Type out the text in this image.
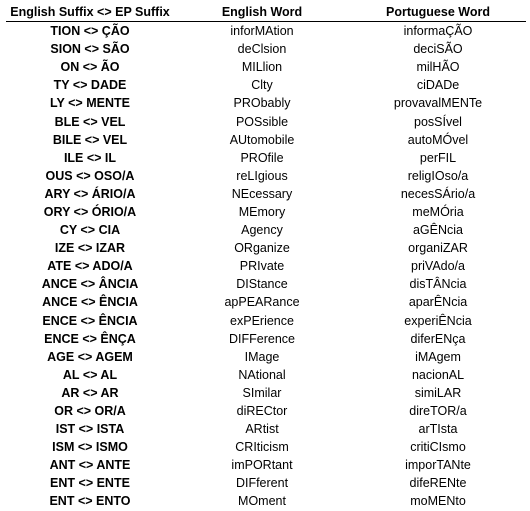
English Suffix <> EP Suffix	English Word	Portuguese Word
TION <> ÇÃO	inforMAtion	informaÇÃO
SION <> SÃO	deClsion	deciSÃO
ON <> ÃO	MILlion	milHÃO
TY <> DADE	Clty	ciDADe
LY <> MENTE	PRObably	provavalMENTe
BLE <> VEL	POSsible	posSÍvel
BILE <> VEL	AUtomobile	autoMÓvel
ILE <> IL	PROfile	perFIL
OUS <> OSO/A	reLIgious	religIOso/a
ARY <> ÁRIO/A	NEcessary	necesSÁrio/a
ORY <> ÓRIO/A	MEmory	meMÓria
CY <> CIA	Agency	aGÊNcia
IZE <> IZAR	ORganize	organiZAR
ATE <> ADO/A	PRIvate	priVAdo/a
ANCE <> ÂNCIA	DIStance	disTÂNcia
ANCE <> ÊNCIA	apPEARance	aparÊNcia
ENCE <> ÊNCIA	exPErience	experiÊNcia
ENCE <> ÊNÇA	DIFFerence	diferENça
AGE <> AGEM	IMage	iMAgem
AL <> AL	NAtional	nacionAL
AR <> AR	SImilar	simiLAR
OR <> OR/A	diRECtor	direTOR/a
IST <> ISTA	ARtist	arTIsta
ISM <> ISMO	CRIticism	critiCIsmo
ANT <> ANTE	imPORtant	imporTANte
ENT <> ENTE	DIFferent	difeRENte
ENT <> ENTO	MOment	moMENto
